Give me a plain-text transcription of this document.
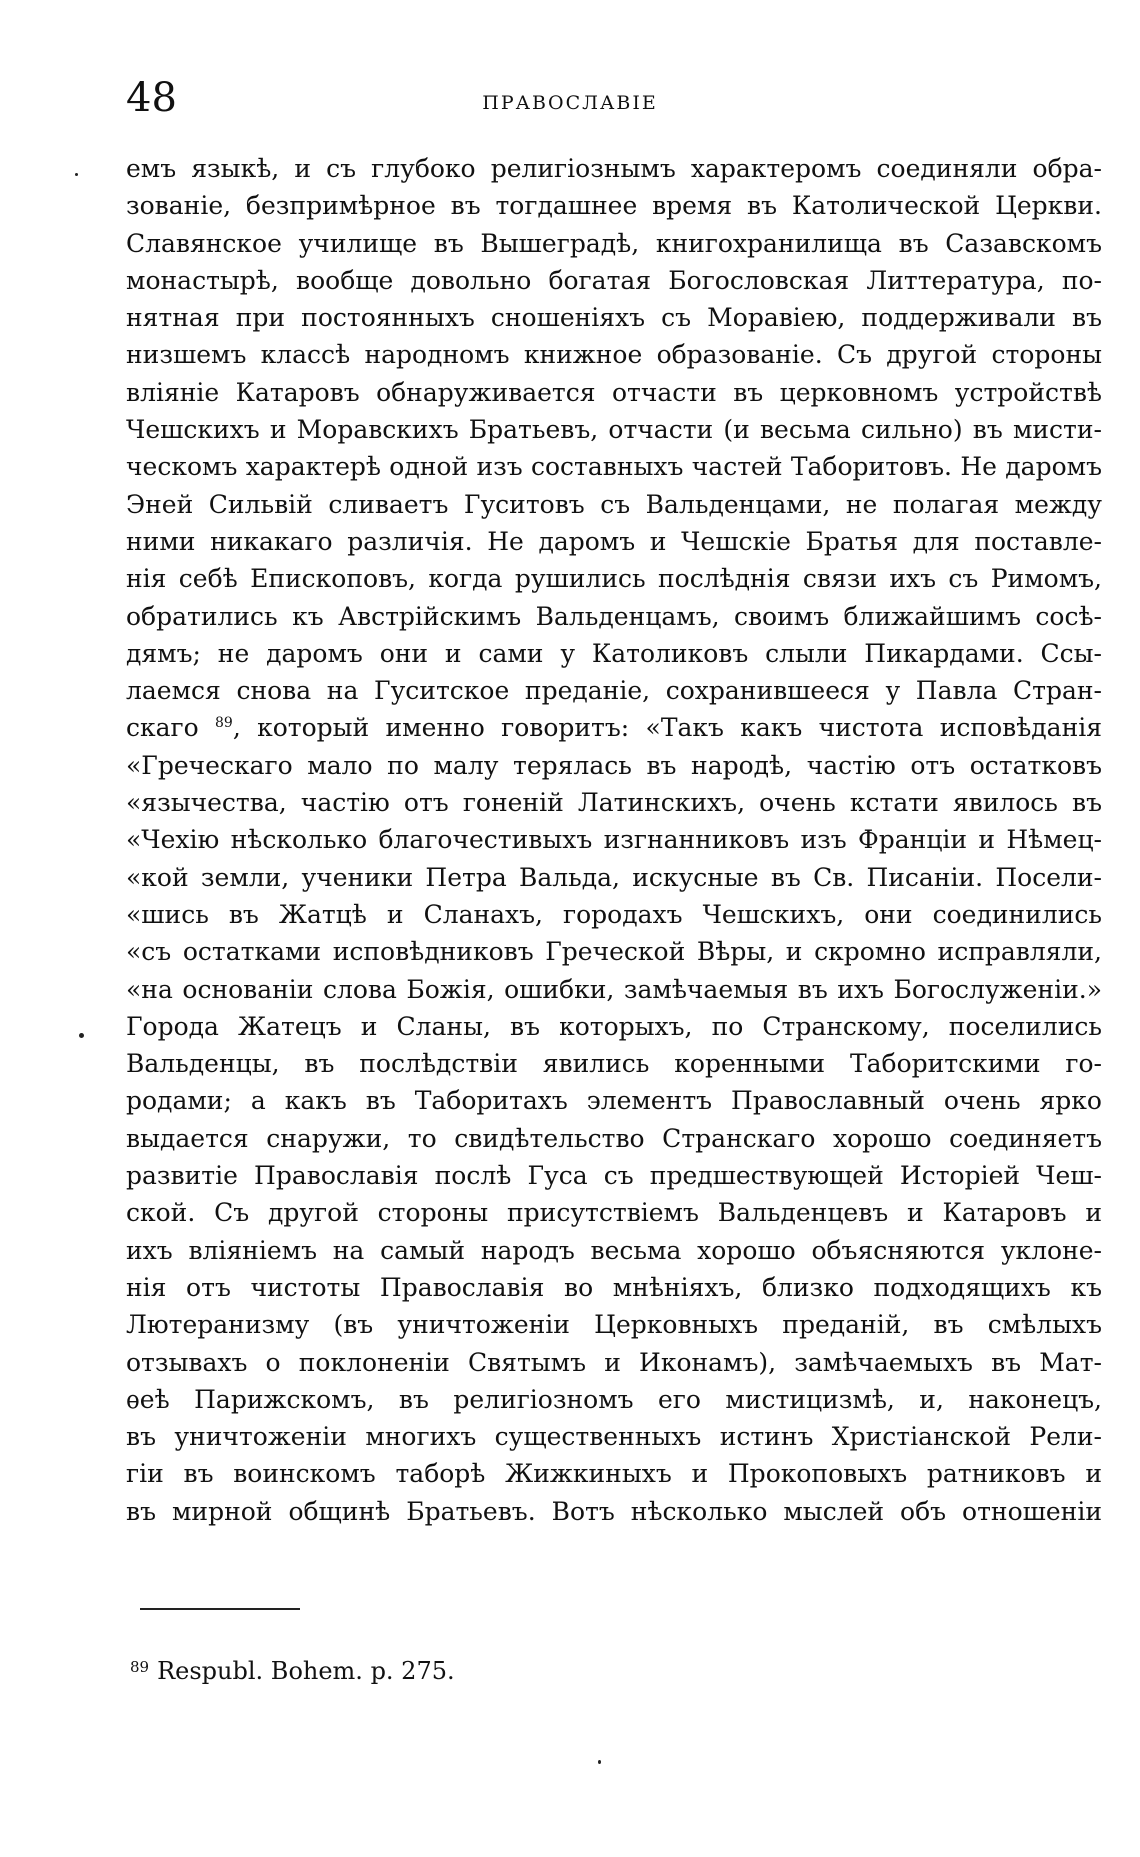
48	ПРАВОСЛАВІЕ
емъ языкѣ, и съ глубоко религіознымъ характеромъ соединяли обра-
зованіе, безпримѣрное въ тогдашнее время въ Католической Церкви.
Славянское училище въ Вышеградѣ, книгохранилища въ Сазавскомъ
монастырѣ, вообще довольно богатая Богословская Литтература, по-
нятная при постоянныхъ сношеніяхъ съ Моравіею, поддерживали въ
низшемъ классѣ народномъ книжное образованіе. Съ другой стороны
вліяніе Катаровъ обнаруживается отчасти въ церковномъ устройствѣ
Чешскихъ и Моравскихъ Братьевъ, отчасти (и весьма сильно) въ мисти-
ческомъ характерѣ одной изъ составныхъ частей Таборитовъ. Не даромъ
Эней Сильвій сливаетъ Гуситовъ съ Вальденцами, не полагая между
ними никакаго различія. Не даромъ и Чешскіе Братья для поставле-
нія себѣ Епископовъ, когда рушились послѣднія связи ихъ съ Римомъ,
обратились къ Австрійскимъ Вальденцамъ, своимъ ближайшимъ сосѣ-
дямъ; не даромъ они и сами у Католиковъ слыли Пикардами. Ссы-
лаемся снова на Гуситское преданіе, сохранившееся у Павла Стран-
скаго $^{89}$, который именно говоритъ: «Такъ какъ чистота исповѣданія
«Греческаго мало по малу терялась въ народѣ, частію отъ остатковъ
«язычества, частію отъ гоненій Латинскихъ, очень кстати явилось въ
«Чехію нѣсколько благочестивыхъ изгнанниковъ изъ Франціи и Нѣмец-
«кой земли, ученики Петра Вальда, искусные въ Св. Писаніи. Посели-
«шись въ Жатцѣ и Сланахъ, городахъ Чешскихъ, они соединились
«съ остатками исповѣдниковъ Греческой Вѣры, и скромно исправляли,
«на основаніи слова Божія, ошибки, замѣчаемыя въ ихъ Богослуженіи.»
Города Жатецъ и Сланы, въ которыхъ, по Странскому, поселились
Вальденцы, въ послѣдствіи явились коренными Таборитскими го-
родами; а какъ въ Таборитахъ элементъ Православный очень ярко
выдается снаружи, то свидѣтельство Странскаго хорошо соединяетъ
развитіе Православія послѣ Гуса съ предшествующей Исторіей Чеш-
ской. Съ другой стороны присутствіемъ Вальденцевъ и Катаровъ и
ихъ вліяніемъ на самый народъ весьма хорошо объясняются уклоне-
нія отъ чистоты Православія во мнѣніяхъ, близко подходящихъ къ
Лютеранизму (въ уничтоженіи Церковныхъ преданій, въ смѣлыхъ
отзывахъ о поклоненіи Святымъ и Иконамъ), замѣчаемыхъ въ Мат-
ѳеѣ Парижскомъ, въ религіозномъ его мистицизмѣ, и, наконецъ,
въ уничтоженіи многихъ существенныхъ истинъ Христіанской Рели-
гіи въ воинскомъ таборѣ Жижкиныхъ и Прокоповыхъ ратниковъ и
въ мирной общинѣ Братьевъ. Вотъ нѣсколько мыслей объ отношеніи
$^{89}$ Respubl. Bohem. p. 275.
